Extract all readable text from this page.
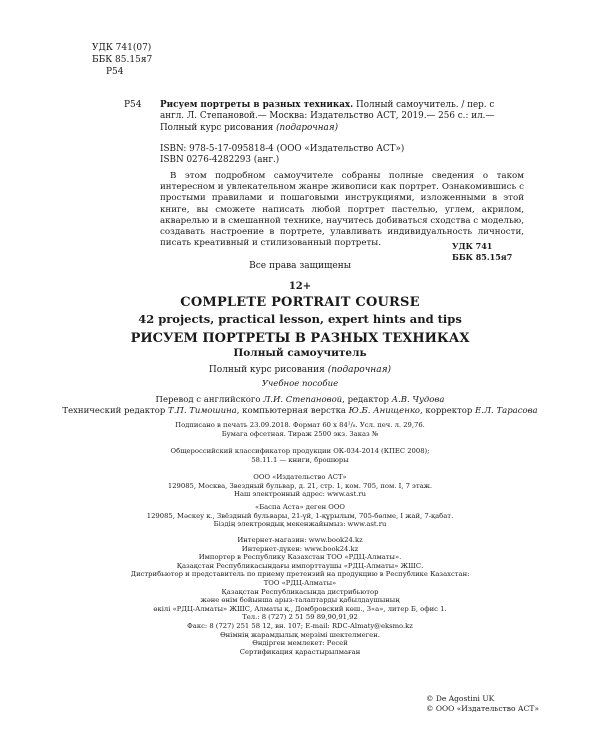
УДК 741(07)
ББК 85.15я7
Р54
Р54 Рисуем портреты в разных техниках. Полный самоучитель. / пер. с англ. Л. Степановой.— Москва: Издательство АСТ, 2019.— 256 с.: ил.— Полный курс рисования (подарочная)
ISBN: 978-5-17-095818-4 (ООО «Издательство АСТ»)
ISBN 0276-4282293 (анг.)
В этом подробном самоучителе собраны полные сведения о таком интересном и увлекательном жанре живописи как портрет. Ознакомившись с простыми правилами и пошаговыми инструкциями, изложенными в этой книге, вы сможете написать любой портрет пастелью, углем, акрилом, акварелью и в смешанной технике, научитесь добиваться сходства с моделью, создавать настроение в портрете, улавливать индивидуальность личности, писать креативный и стилизованный портреты.	УДК 741
ББК 85.15я7
Все права защищены
12+
COMPLETE PORTRAIT COURSE
42 projects, practical lesson, expert hints and tips
РИСУЕМ ПОРТРЕТЫ В РАЗНЫХ ТЕХНИКАХ
Полный самоучитель
Полный курс рисования (подарочная)
Учебное пособие
Перевод с английского Л.И. Степановой, редактор А.В. Чудова
Технический редактор Т.П. Тимошина, компьютерная верстка Ю.Б. Анищенко, корректор Е.Л. Тарасова
Подписано в печать 23.09.2018. Формат 60 x 84¹/₈. Усл. печ. л. 29,76.
Бумага офсетная. Тираж 2500 экз. Заказ №
Общероссийский классификатор продукции ОК-034-2014 (КПЕС 2008);
58.11.1 — книги, брошюры
ООО «Издательство АСТ»
129085, Москва, Звездный бульвар, д. 21, стр. 1, ком. 705, пом. I, 7 этаж.
Наш электронный адрес: www.ast.ru
«Баспа Аста» деген ООО
129085, Мәскеу к., Звёздный бульвары, 21-үй, 1-құрылым, 705-бөлме, I жай, 7-қабат.
Біздің электрондық мекенжайымыз: www.ast.ru
Интернет-магазин: www.book24.kz
Интернет-дүкен: www.book24.kz
Импортер в Республику Казахстан ТОО «РДЦ-Алматы».
Қазақстан Республикасындағы импорттаушы «РДЦ-Алматы» ЖШС.
Дистрибьютор и представитель по приему претензий на продукцию в Республике Казахстан:
ТОО «РДЦ-Алматы»
Қазақстан Республикасында дистрибьютор
және өнім бойынша арыз-талаптарды қабылдаушының
өкілі «РДЦ-Алматы» ЖШС, Алматы қ., Домбровский көш., 3«а», литер Б, офис 1.
Тел.: 8 (727) 2 51 59 89,90,91,92
Факс: 8 (727) 251 58 12, вн. 107; E-mail: RDC-Almaty@eksmo.kz
Өнімнің жарамдылық мерзімі шектелмеген.
Өндірген мемлекет: Ресей
Сертификация қарастырылмаған
© De Agostini UK
© ООО «Издательство АСТ»
